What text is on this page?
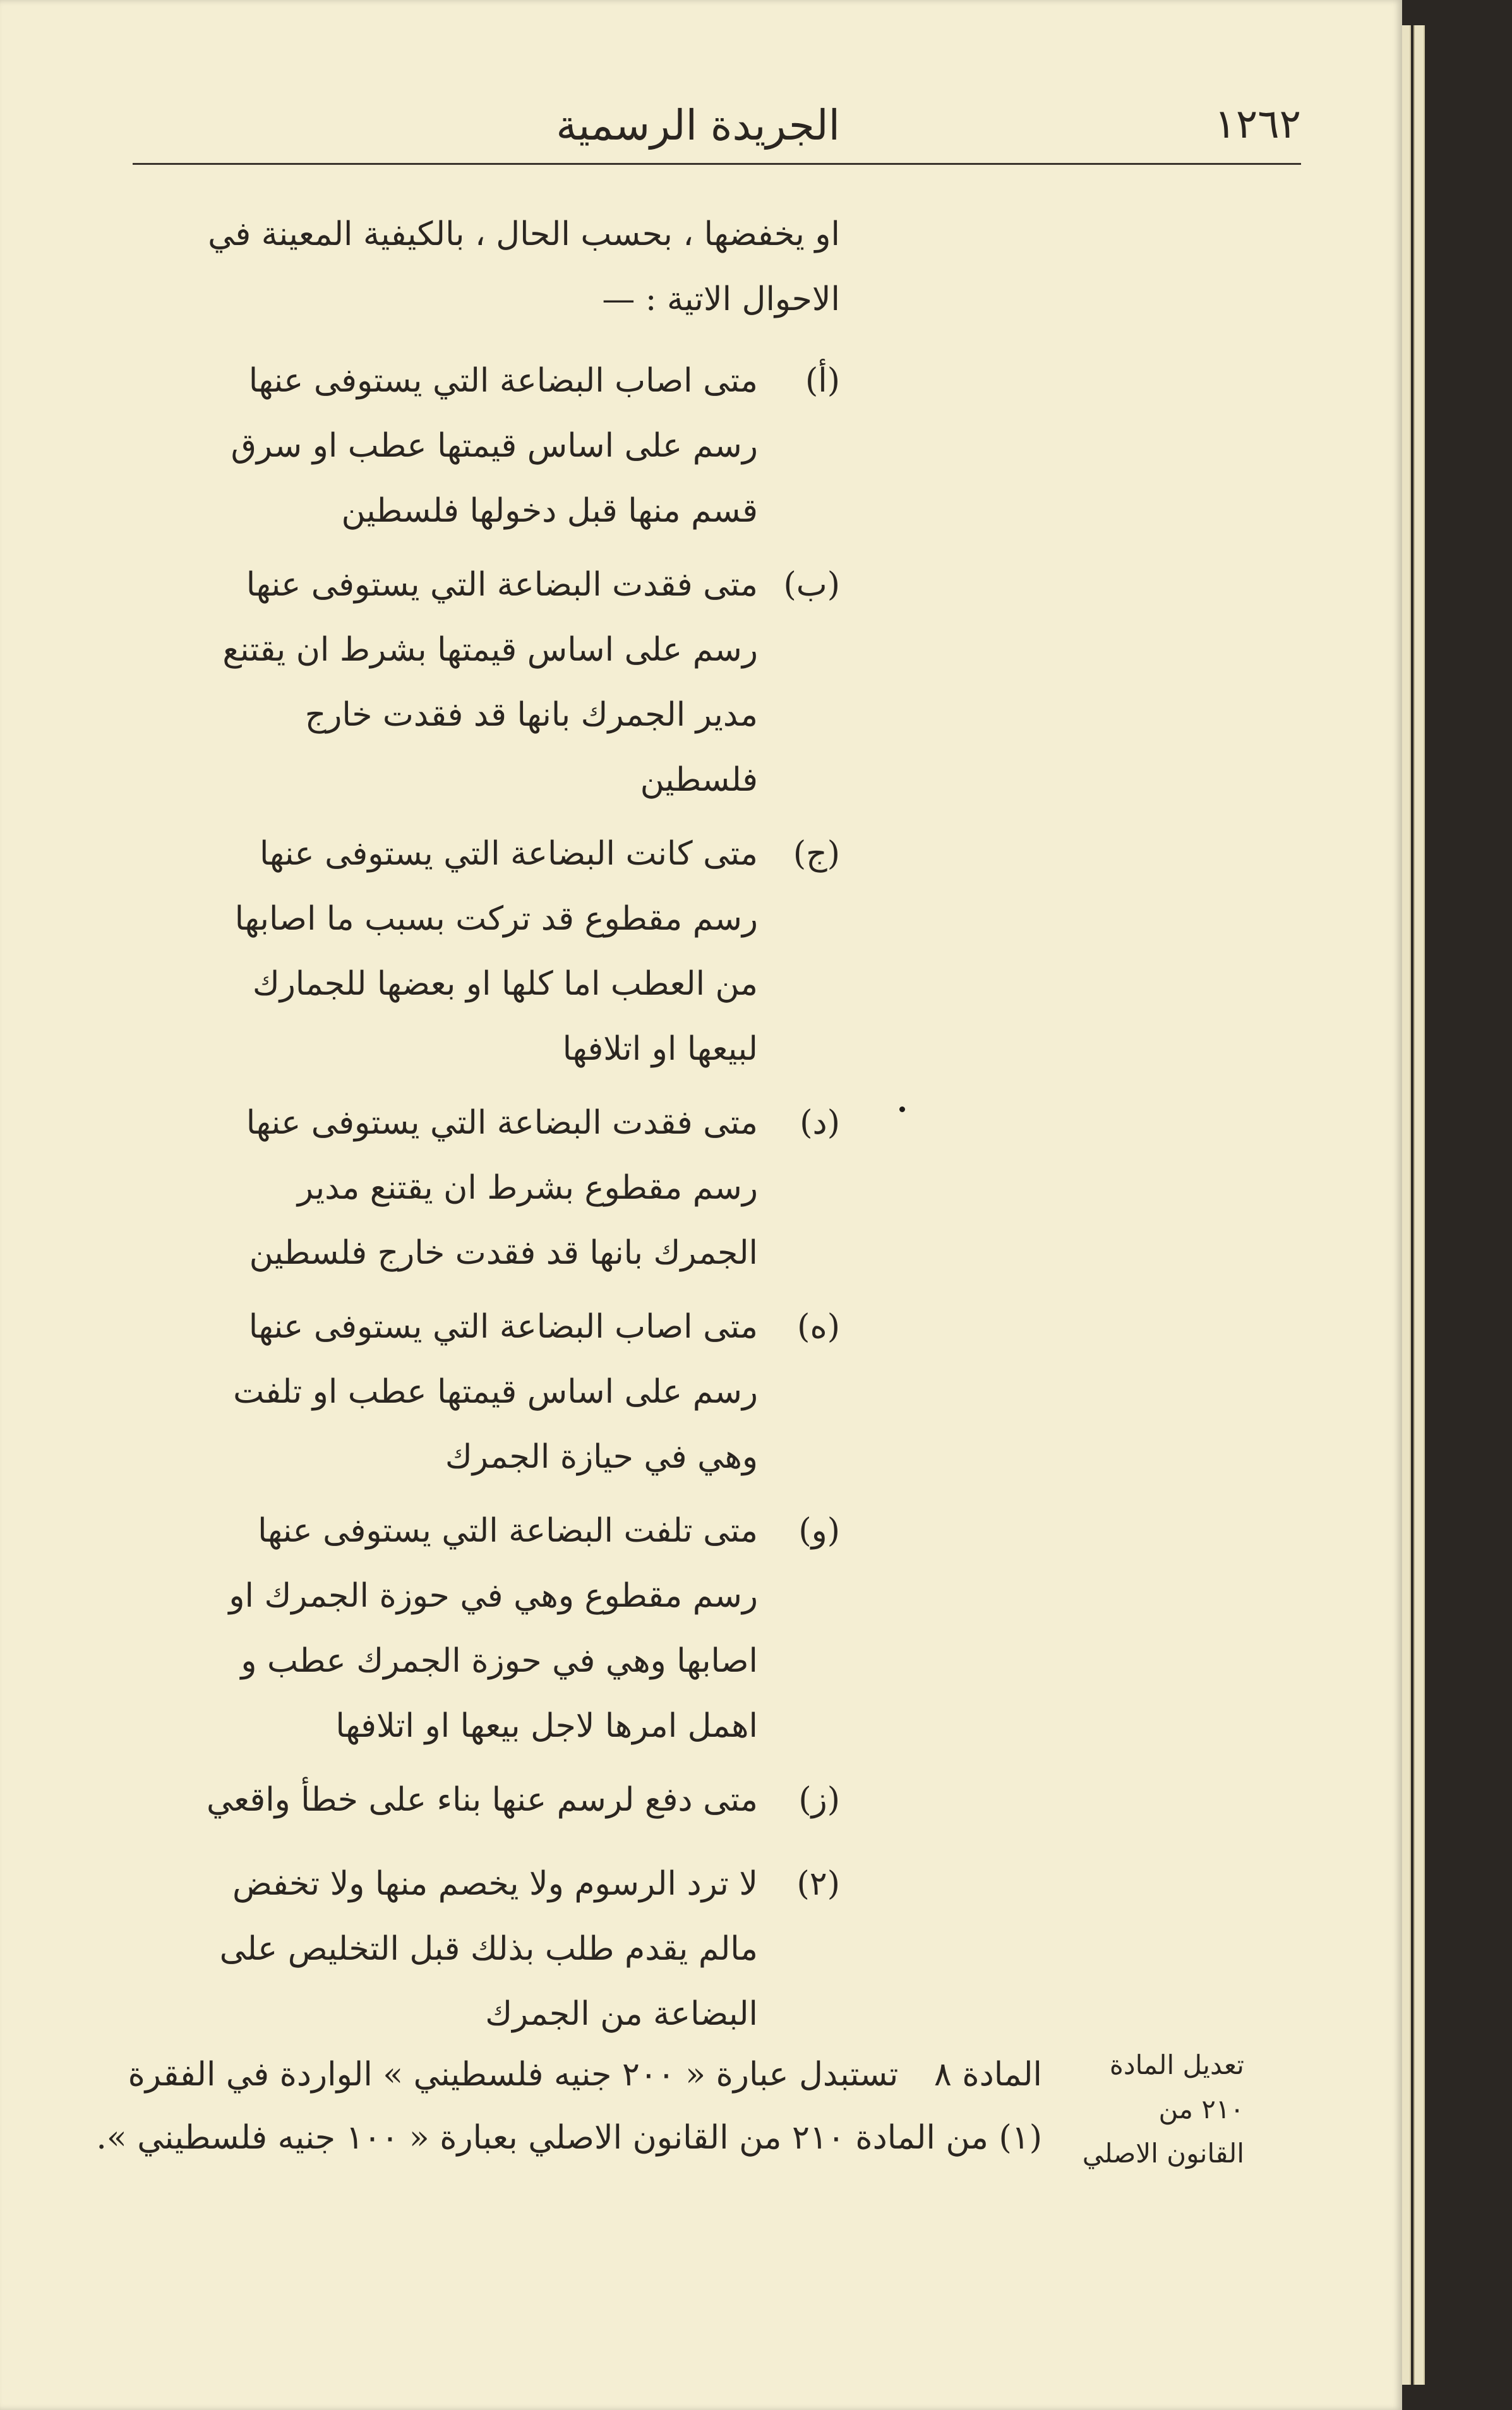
١٢٦٢
الجريدة الرسمية

او يخفضها ، بحسب الحال ، بالكيفية المعينة في الاحوال الاتية : —

(أ)
متى اصاب البضاعة التي يستوفى عنها رسم على اساس قيمتها عطب او سرق قسم منها قبل دخولها فلسطين
(ب)
متى فقدت البضاعة التي يستوفى عنها رسم على اساس قيمتها بشرط ان يقتنع مدير الجمرك بانها قد فقدت خارج فلسطين
(ج)
متى كانت البضاعة التي يستوفى عنها رسم مقطوع قد تركت بسبب ما اصابها من العطب اما كلها او بعضها للجمارك لبيعها او اتلافها
(د)
متى فقدت البضاعة التي يستوفى عنها رسم مقطوع بشرط ان يقتنع مدير الجمرك بانها قد فقدت خارج فلسطين
(ه)
متى اصاب البضاعة التي يستوفى عنها رسم على اساس قيمتها عطب او تلفت وهي في حيازة الجمرك
(و)
متى تلفت البضاعة التي يستوفى عنها رسم مقطوع وهي في حوزة الجمرك او اصابها وهي في حوزة الجمرك عطب و اهمل امرها لاجل بيعها او اتلافها
(ز)
متى دفع لرسم عنها بناء على خطأ واقعي
(٢)
لا ترد الرسوم ولا يخصم منها ولا تخفض مالم يقدم طلب بذلك قبل التخليص على البضاعة من الجمرك
تعديل المادة ٢١٠ من القانون الاصلي
المادة ٨ تستبدل عبارة « ٢٠٠ جنيه فلسطيني » الواردة في الفقرة (١) من المادة ٢١٠ من القانون الاصلي بعبارة « ١٠٠ جنيه فلسطيني ».
